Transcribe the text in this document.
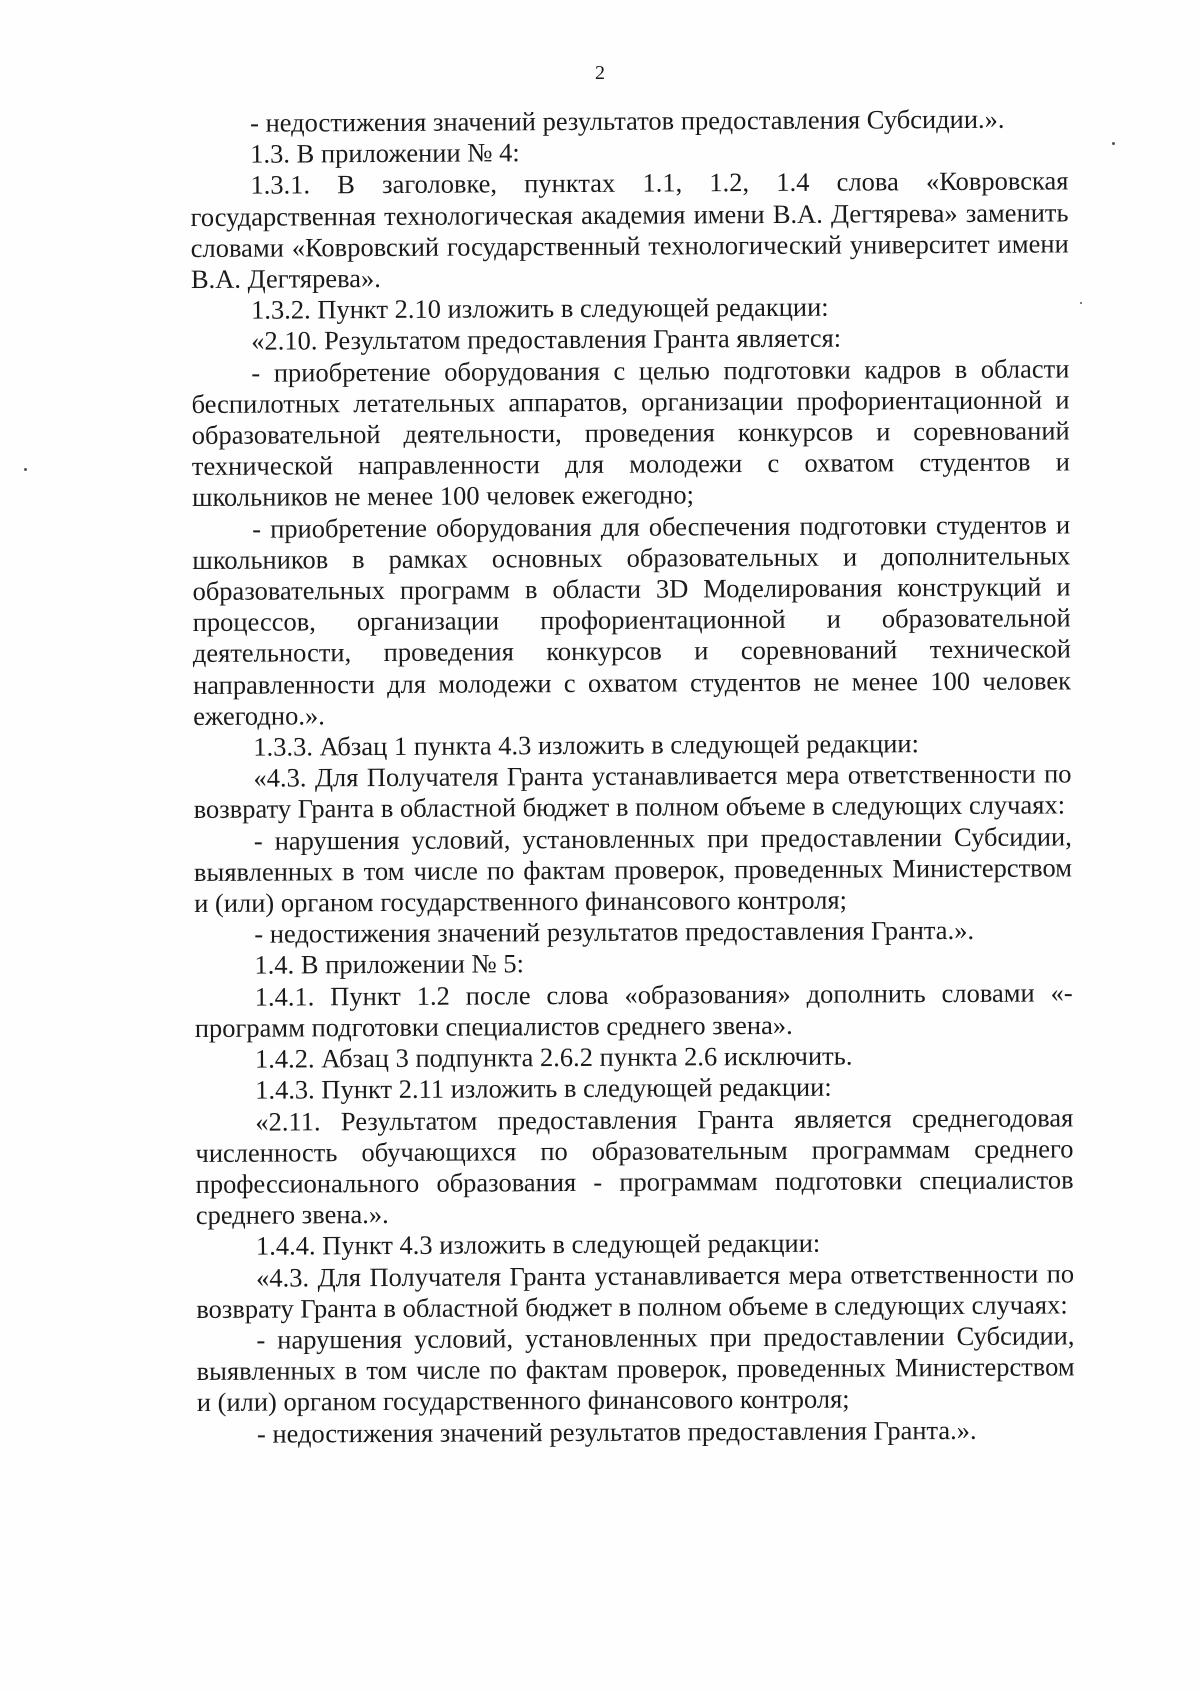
2

- недостижения значений результатов предоставления Субсидии.».

1.3. В приложении № 4:

1.3.1. В заголовке, пунктах 1.1, 1.2, 1.4 слова «Ковровская государственная технологическая академия имени В.А. Дегтярева» заменить словами «Ковровский государственный технологический университет имени В.А. Дегтярева».

1.3.2. Пункт 2.10 изложить в следующей редакции:

«2.10. Результатом предоставления Гранта является:

- приобретение оборудования с целью подготовки кадров в области беспилотных летательных аппаратов, организации профориентационной и образовательной деятельности, проведения конкурсов и соревнований технической направленности для молодежи с охватом студентов и школьников не менее 100 человек ежегодно;

- приобретение оборудования для обеспечения подготовки студентов и школьников в рамках основных образовательных и дополнительных образовательных программ в области 3D Моделирования конструкций и процессов, организации профориентационной и образовательной деятельности, проведения конкурсов и соревнований технической направленности для молодежи с охватом студентов не менее 100 человек ежегодно.».

1.3.3. Абзац 1 пункта 4.3 изложить в следующей редакции:

«4.3. Для Получателя Гранта устанавливается мера ответственности по возврату Гранта в областной бюджет в полном объеме в следующих случаях:

- нарушения условий, установленных при предоставлении Субсидии, выявленных в том числе по фактам проверок, проведенных Министерством и (или) органом государственного финансового контроля;

- недостижения значений результатов предоставления Гранта.».

1.4. В приложении № 5:

1.4.1. Пункт 1.2 после слова «образования» дополнить словами «- программ подготовки специалистов среднего звена».

1.4.2. Абзац 3 подпункта 2.6.2 пункта 2.6 исключить.

1.4.3. Пункт 2.11 изложить в следующей редакции:

«2.11. Результатом предоставления Гранта является среднегодовая численность обучающихся по образовательным программам среднего профессионального образования - программам подготовки специалистов среднего звена.».

1.4.4. Пункт 4.3 изложить в следующей редакции:

«4.3. Для Получателя Гранта устанавливается мера ответственности по возврату Гранта в областной бюджет в полном объеме в следующих случаях:

- нарушения условий, установленных при предоставлении Субсидии, выявленных в том числе по фактам проверок, проведенных Министерством и (или) органом государственного финансового контроля;

- недостижения значений результатов предоставления Гранта.».
